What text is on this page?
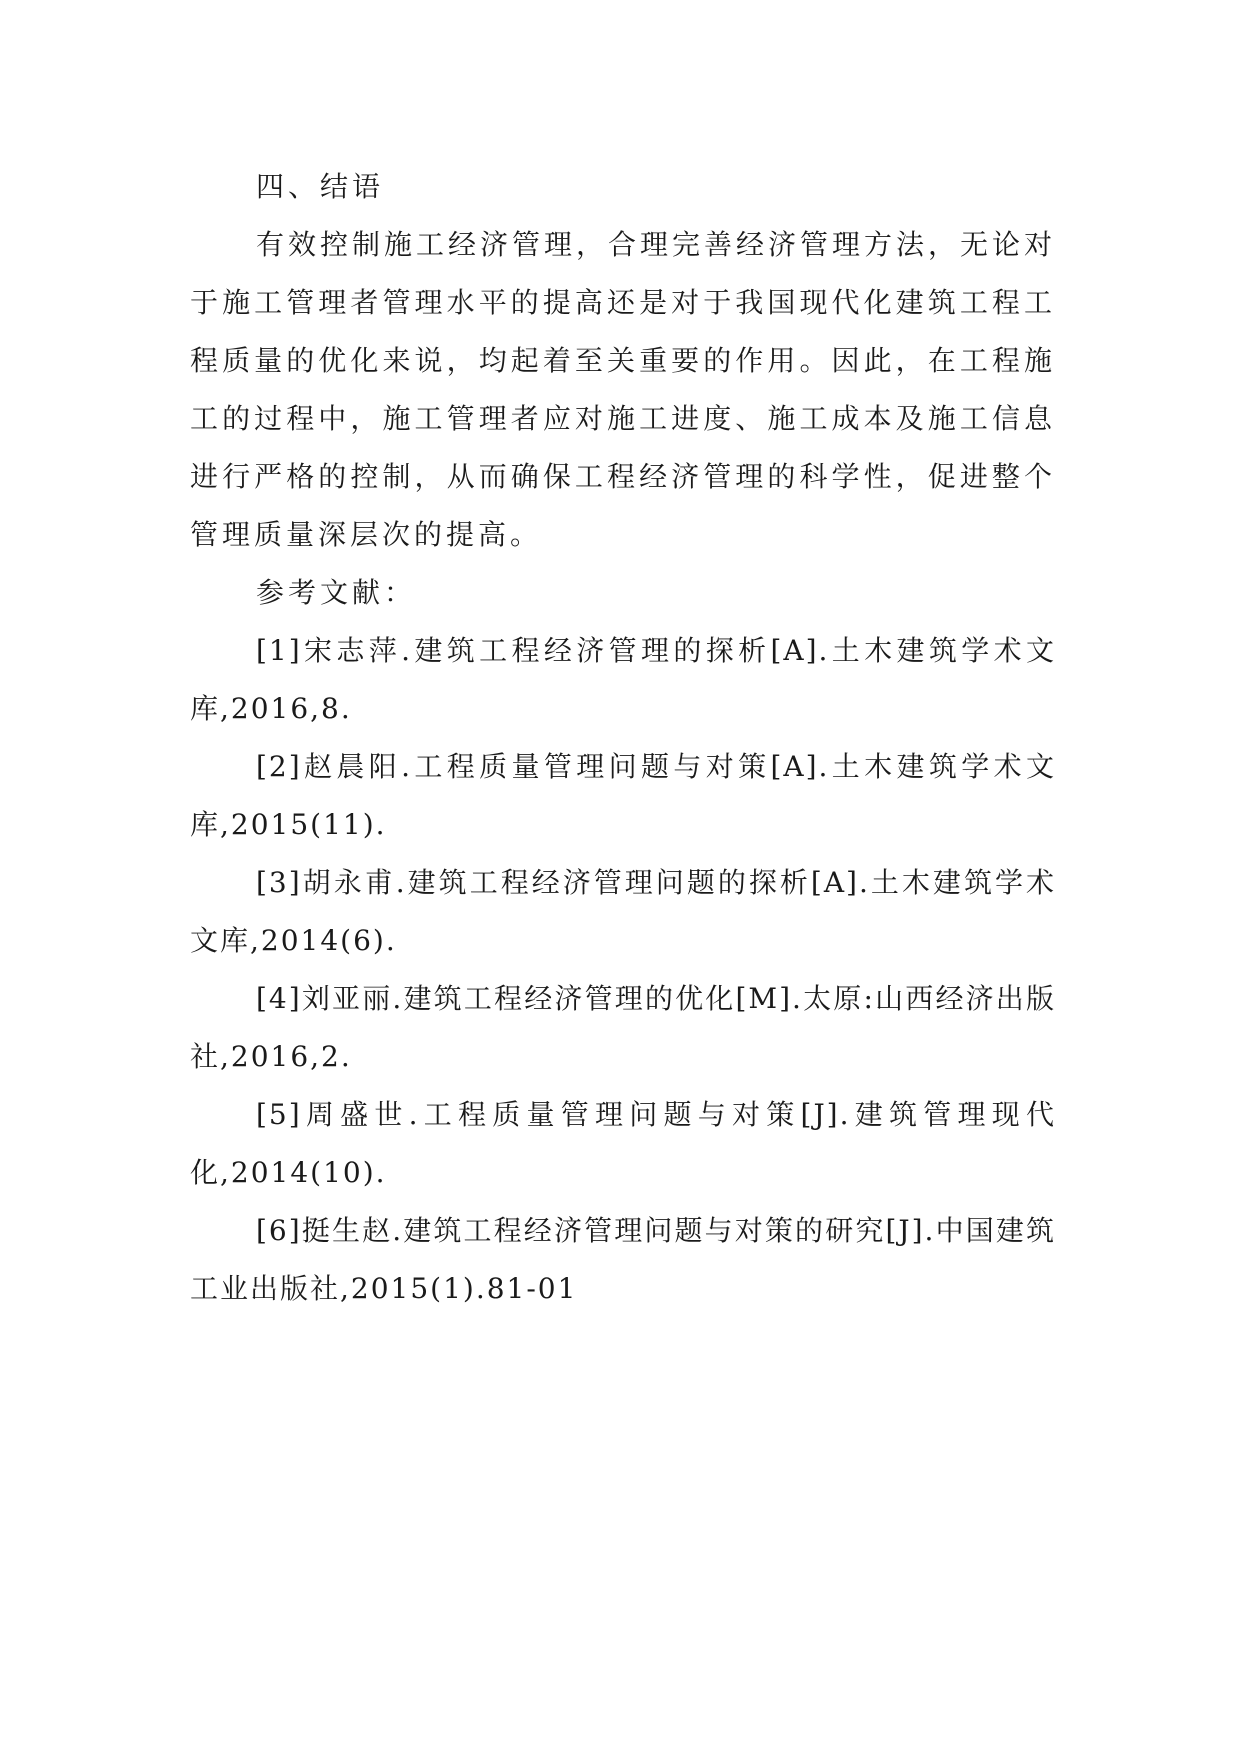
四、结语

有效控制施工经济管理，合理完善经济管理方法，无论对于施工管理者管理水平的提高还是对于我国现代化建筑工程工程质量的优化来说，均起着至关重要的作用。因此，在工程施工的过程中，施工管理者应对施工进度、施工成本及施工信息进行严格的控制，从而确保工程经济管理的科学性，促进整个管理质量深层次的提高。

参考文献：

[1]宋志萍.建筑工程经济管理的探析[A].土木建筑学术文库,2016,8.
[2]赵晨阳.工程质量管理问题与对策[A].土木建筑学术文库,2015(11).
[3]胡永甫.建筑工程经济管理问题的探析[A].土木建筑学术文库,2014(6).
[4]刘亚丽.建筑工程经济管理的优化[M].太原:山西经济出版社,2016,2.
[5]周盛世.工程质量管理问题与对策[J].建筑管理现代化,2014(10).
[6]挺生赵.建筑工程经济管理问题与对策的研究[J].中国建筑工业出版社,2015(1).81-01
